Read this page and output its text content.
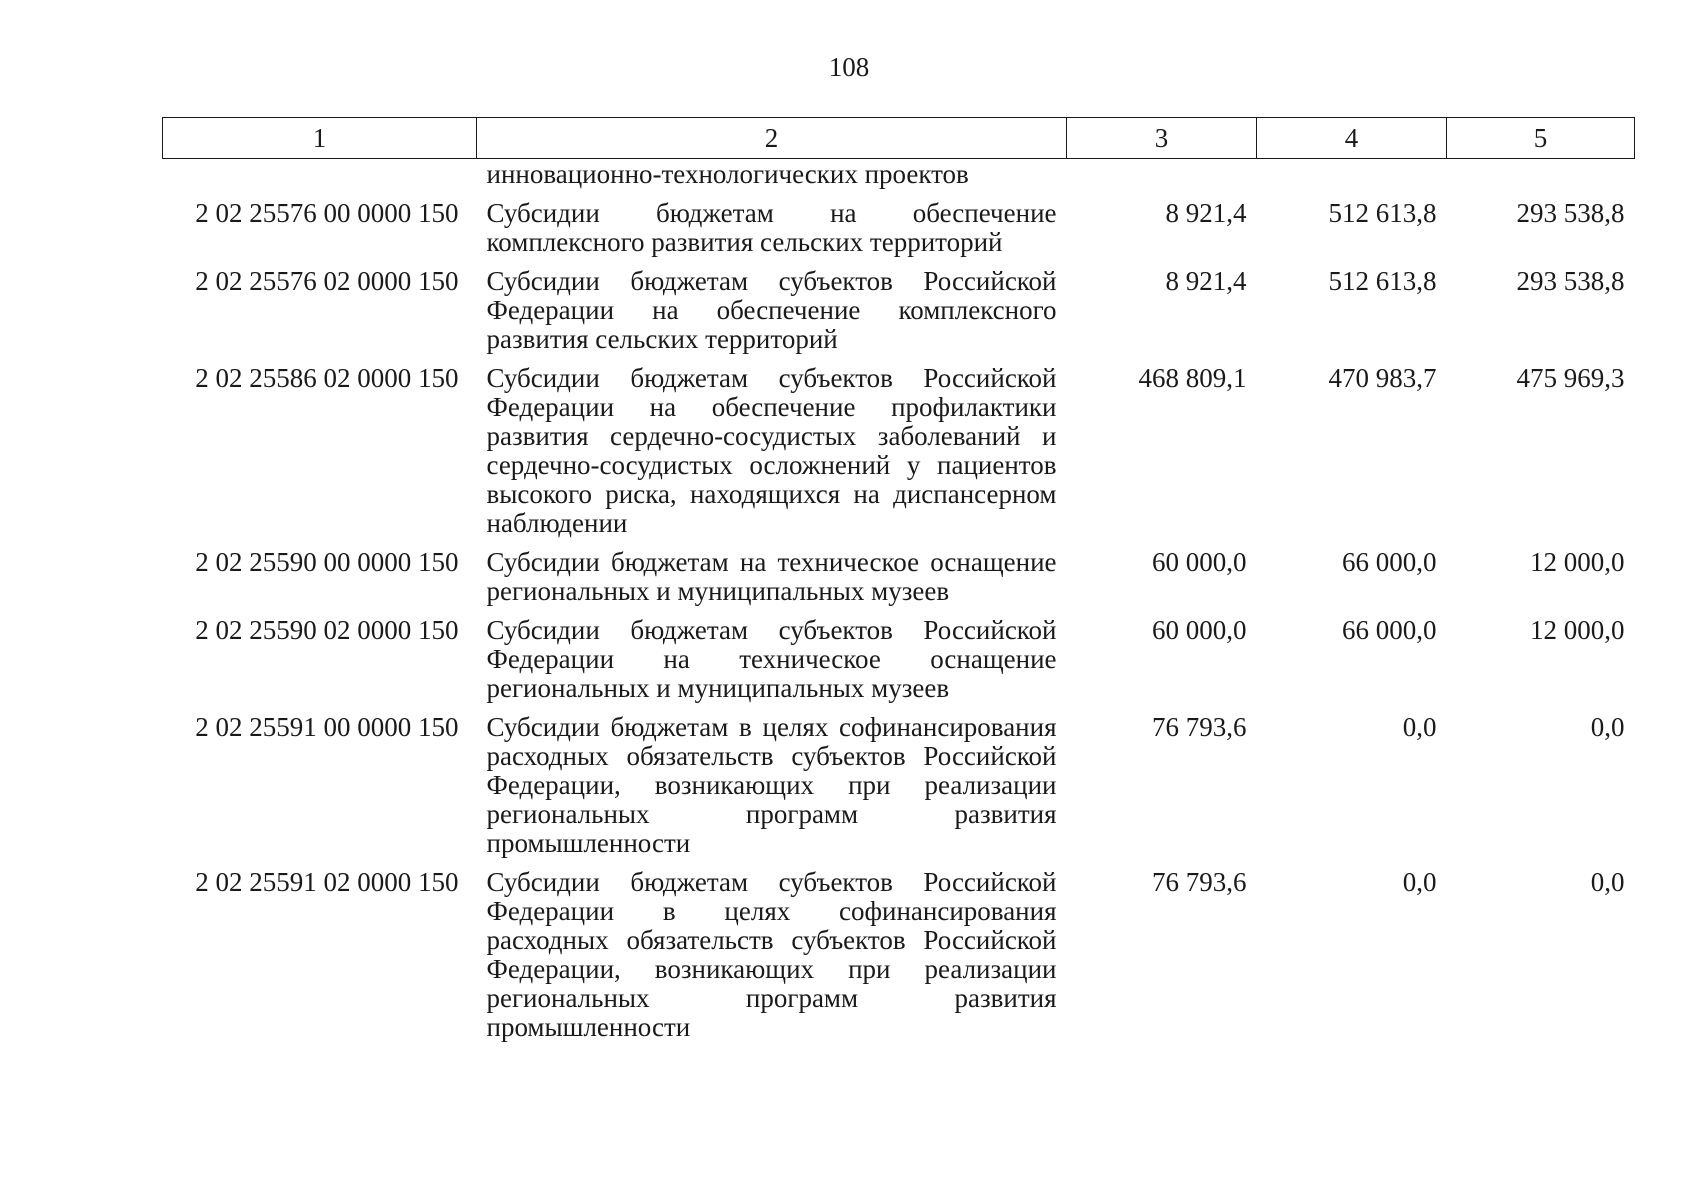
108
1	2	3	4	5
	инновационно-технологических проектов			
2 02 25576 00 0000 150	Субсидии бюджетам на обеспечение комплексного развития сельских территорий	8 921,4	512 613,8	293 538,8
2 02 25576 02 0000 150	Субсидии бюджетам субъектов Российской Федерации на обеспечение комплексного развития сельских территорий	8 921,4	512 613,8	293 538,8
2 02 25586 02 0000 150	Субсидии бюджетам субъектов Российской Федерации на обеспечение профилактики развития сердечно-сосудистых заболеваний и сердечно-сосудистых осложнений у пациентов высокого риска, находящихся на диспансерном наблюдении	468 809,1	470 983,7	475 969,3
2 02 25590 00 0000 150	Субсидии бюджетам на техническое оснащение региональных и муниципальных музеев	60 000,0	66 000,0	12 000,0
2 02 25590 02 0000 150	Субсидии бюджетам субъектов Российской Федерации на техническое оснащение региональных и муниципальных музеев	60 000,0	66 000,0	12 000,0
2 02 25591 00 0000 150	Субсидии бюджетам в целях софинансирования расходных обязательств субъектов Российской Федерации, возникающих при реализации региональных программ развития промышленности	76 793,6	0,0	0,0
2 02 25591 02 0000 150	Субсидии бюджетам субъектов Российской Федерации в целях софинансирования расходных обязательств субъектов Российской Федерации, возникающих при реализации региональных программ развития промышленности	76 793,6	0,0	0,0
